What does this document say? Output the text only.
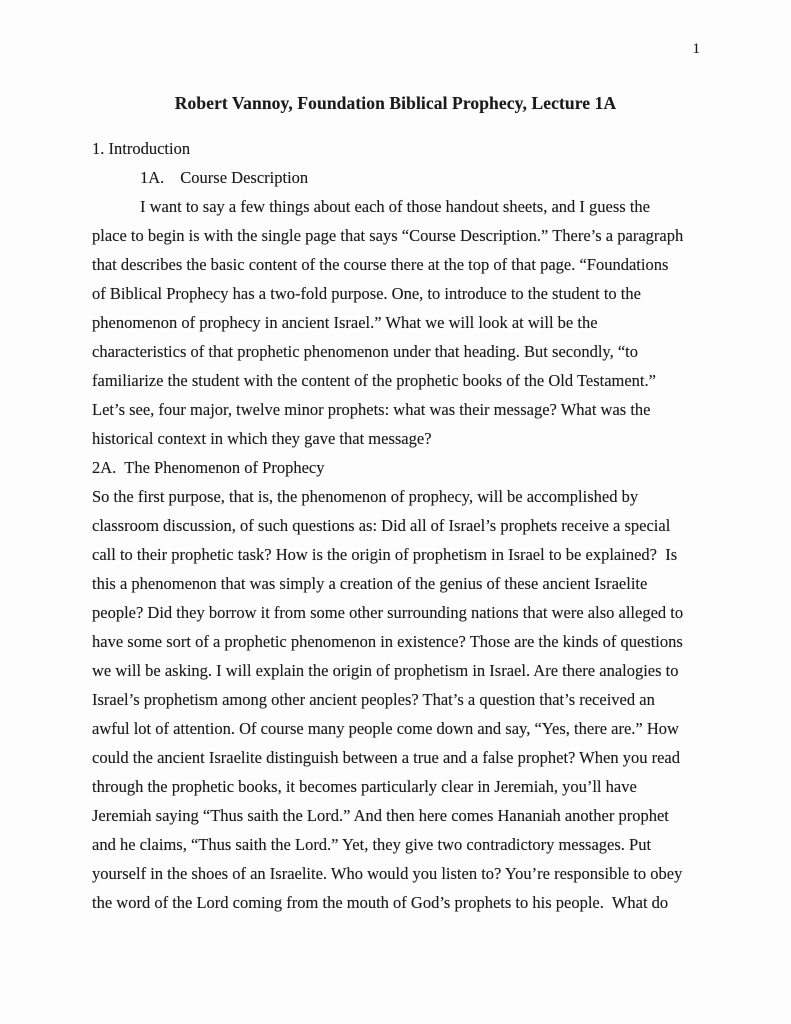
1
Robert Vannoy, Foundation Biblical Prophecy, Lecture 1A
1. Introduction
1A. Course Description
I want to say a few things about each of those handout sheets, and I guess the
place to begin is with the single page that says “Course Description.” There’s a paragraph
that describes the basic content of the course there at the top of that page. “Foundations
of Biblical Prophecy has a two-fold purpose. One, to introduce to the student to the
phenomenon of prophecy in ancient Israel.” What we will look at will be the
characteristics of that prophetic phenomenon under that heading. But secondly, “to
familiarize the student with the content of the prophetic books of the Old Testament.”
Let’s see, four major, twelve minor prophets: what was their message? What was the
historical context in which they gave that message?
2A.  The Phenomenon of Prophecy
So the first purpose, that is, the phenomenon of prophecy, will be accomplished by
classroom discussion, of such questions as: Did all of Israel’s prophets receive a special
call to their prophetic task? How is the origin of prophetism in Israel to be explained?  Is
this a phenomenon that was simply a creation of the genius of these ancient Israelite
people? Did they borrow it from some other surrounding nations that were also alleged to
have some sort of a prophetic phenomenon in existence? Those are the kinds of questions
we will be asking. I will explain the origin of prophetism in Israel. Are there analogies to
Israel’s prophetism among other ancient peoples? That’s a question that’s received an
awful lot of attention. Of course many people come down and say, “Yes, there are.” How
could the ancient Israelite distinguish between a true and a false prophet? When you read
through the prophetic books, it becomes particularly clear in Jeremiah, you’ll have
Jeremiah saying “Thus saith the Lord.” And then here comes Hananiah another prophet
and he claims, “Thus saith the Lord.” Yet, they give two contradictory messages. Put
yourself in the shoes of an Israelite. Who would you listen to? You’re responsible to obey
the word of the Lord coming from the mouth of God’s prophets to his people.  What do
